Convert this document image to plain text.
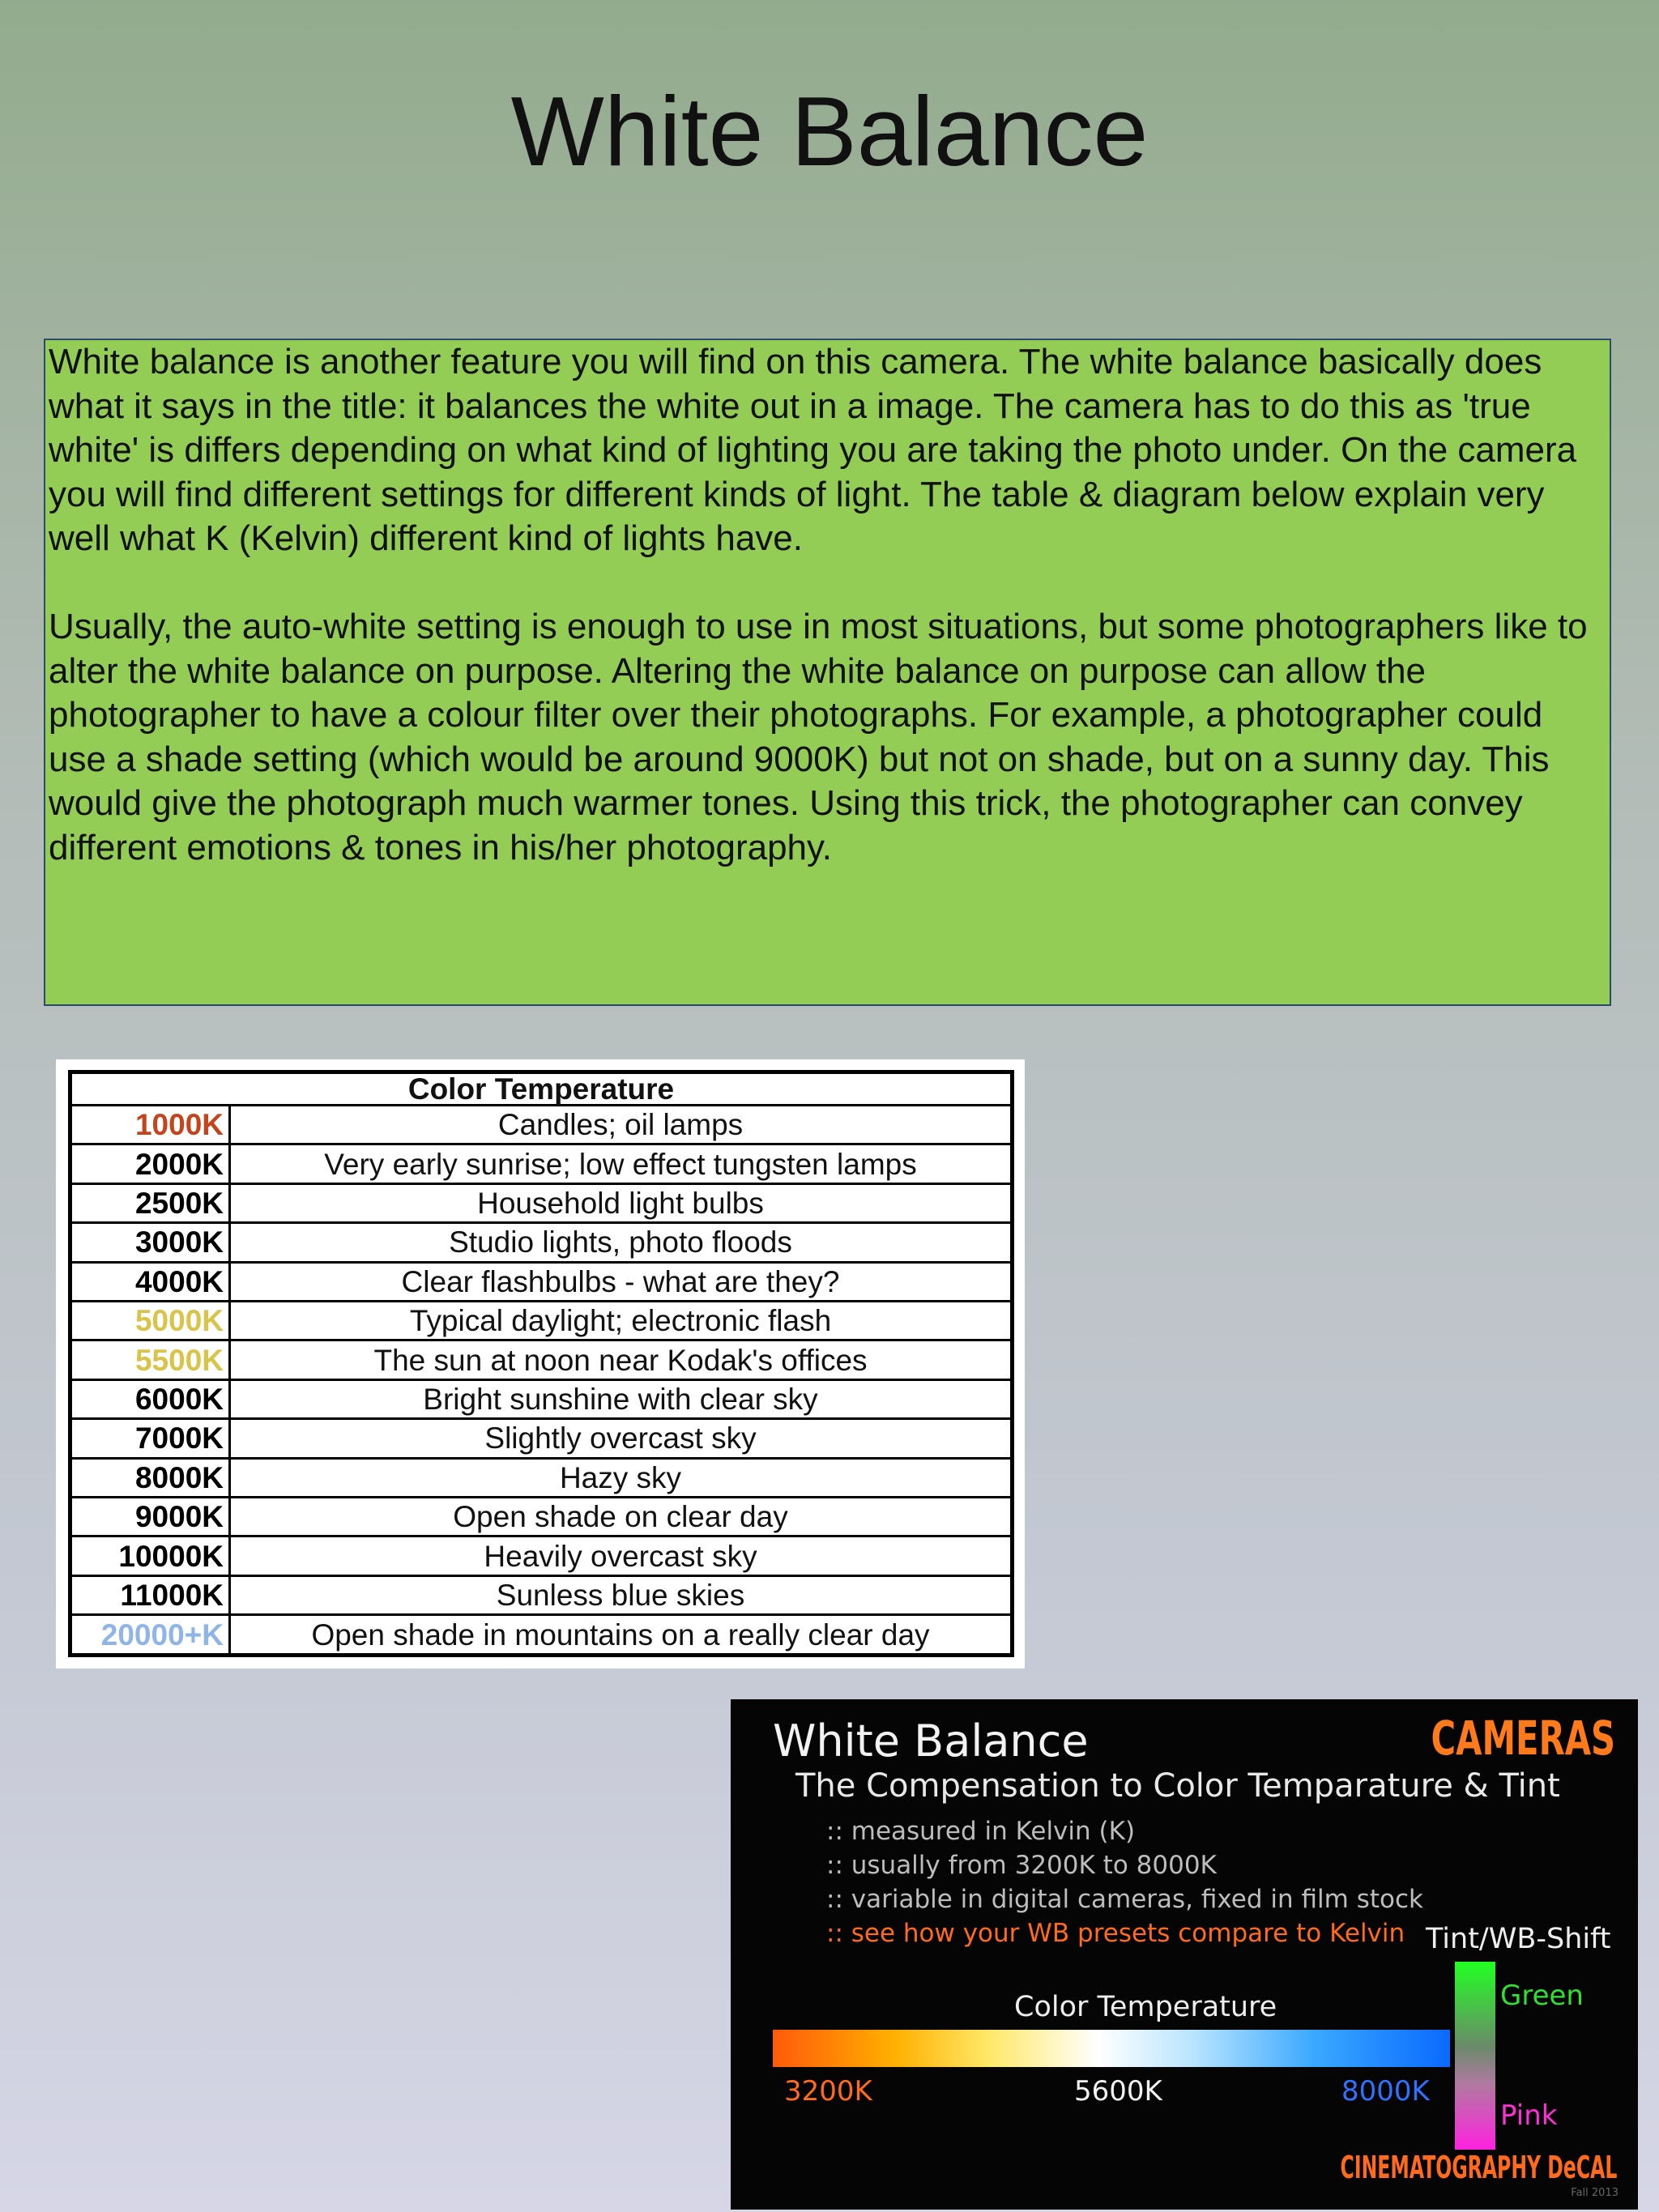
White Balance

White balance is another feature you will find on this camera. The white balance basically does what it says in the title: it balances the white out in a image. The camera has to do this as 'true white' is differs depending on what kind of lighting you are taking the photo under. On the camera you will find different settings for different kinds of light. The table & diagram below explain very well what K (Kelvin) different kind of lights have.

Usually, the auto-white setting is enough to use in most situations, but some photographers like to alter the white balance on purpose. Altering the white balance on purpose can allow the photographer to have a colour filter over their photographs. For example, a photographer could use a shade setting (which would be around 9000K) but not on shade, but on a sunny day. This would give the photograph much warmer tones. Using this trick, the photographer can convey different emotions & tones in his/her photography.

Color Temperature	
1000K	Candles; oil lamps
2000K	Very early sunrise; low effect tungsten lamps
2500K	Household light bulbs
3000K	Studio lights, photo floods
4000K	Clear flashbulbs - what are they?
5000K	Typical daylight; electronic flash
5500K	The sun at noon near Kodak's offices
6000K	Bright sunshine with clear sky
7000K	Slightly overcast sky
8000K	Hazy sky
9000K	Open shade on clear day
10000K	Heavily overcast sky
11000K	Sunless blue skies
20000+K	Open shade in mountains on a really clear day
White Balance	CAMERAS
The Compensation to Color Temparature & Tint
:: measured in Kelvin (K)
:: usually from 3200K to 8000K
:: variable in digital cameras, fixed in film stock
:: see how your WB presets compare to Kelvin Tint/WB-Shift
Color Temperature
3200K	5600K	8000K
Green
Pink
CINEMATOGRAPHY DeCAL
Fall 2013
